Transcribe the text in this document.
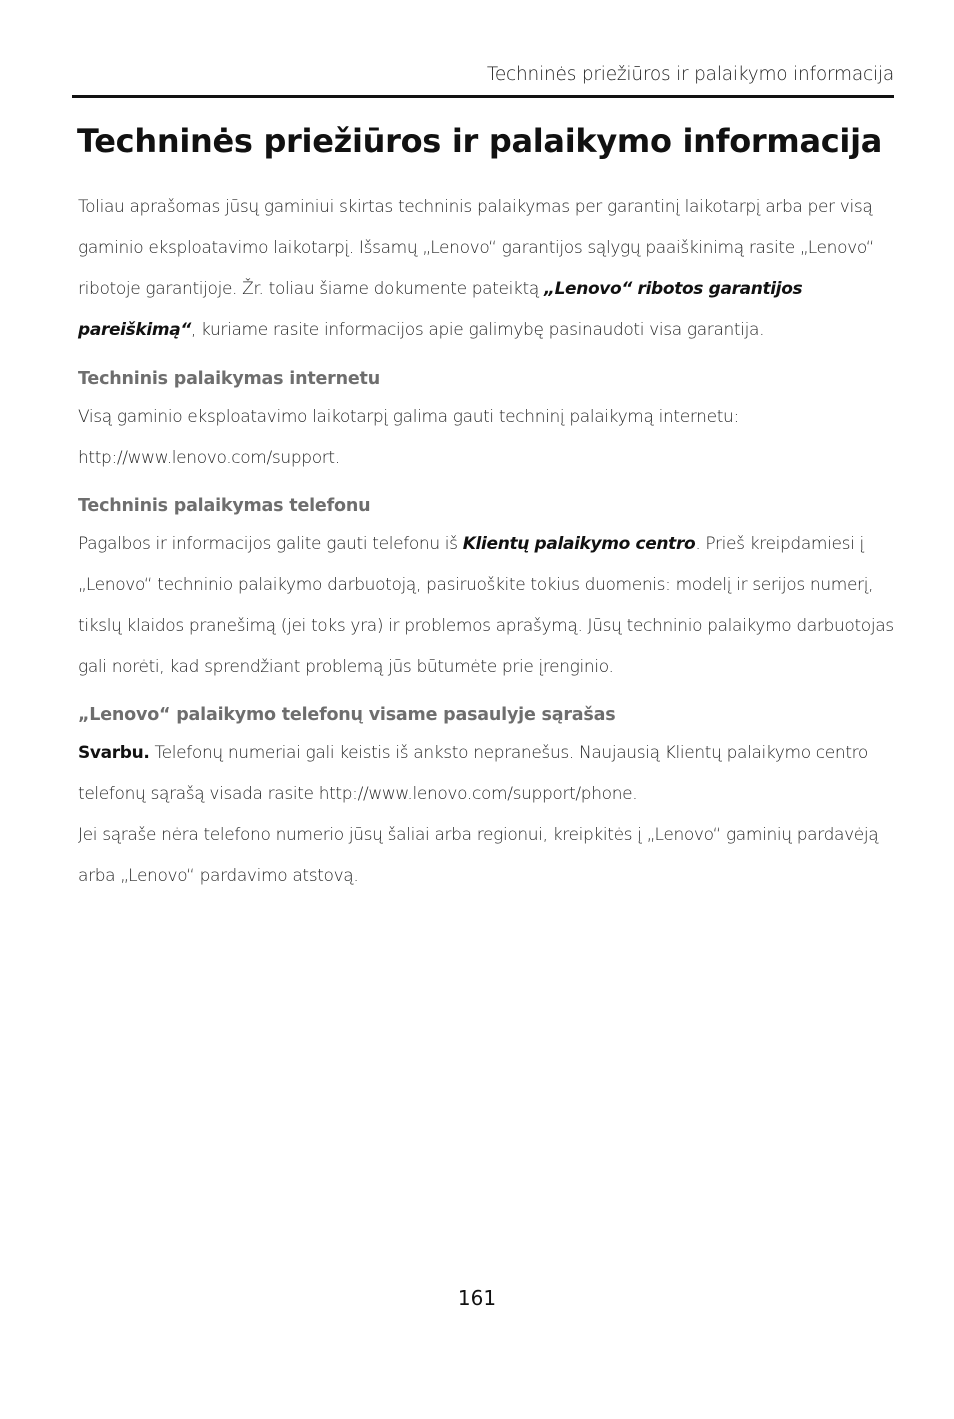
Techninės priežiūros ir palaikymo informacija
Techninės priežiūros ir palaikymo informacija

Toliau aprašomas jūsų gaminiui skirtas techninis palaikymas per garantinį laikotarpį arba per visą gaminio eksploatavimo laikotarpį. Išsamų „Lenovo“ garantijos sąlygų paaiškinimą rasite „Lenovo“ ribotoje garantijoje. Žr. toliau šiame dokumente pateiktą „Lenovo“ ribotos garantijos pareiškimą“, kuriame rasite informacijos apie galimybę pasinaudoti visa garantija.

Techninis palaikymas internetu

Visą gaminio eksploatavimo laikotarpį galima gauti techninį palaikymą internetu: http://www.lenovo.com/support.

Techninis palaikymas telefonu

Pagalbos ir informacijos galite gauti telefonu iš Klientų palaikymo centro. Prieš kreipdamiesi į „Lenovo“ techninio palaikymo darbuotoją, pasiruoškite tokius duomenis: modelį ir serijos numerį, tikslų klaidos pranešimą (jei toks yra) ir problemos aprašymą. Jūsų techninio palaikymo darbuotojas gali norėti, kad sprendžiant problemą jūs būtumėte prie įrenginio.

„Lenovo“ palaikymo telefonų visame pasaulyje sąrašas

Svarbu. Telefonų numeriai gali keistis iš anksto nepranešus. Naujausią Klientų palaikymo centro telefonų sąrašą visada rasite http://www.lenovo.com/support/phone.

Jei sąraše nėra telefono numerio jūsų šaliai arba regionui, kreipkitės į „Lenovo“ gaminių pardavėją arba „Lenovo“ pardavimo atstovą.

161
